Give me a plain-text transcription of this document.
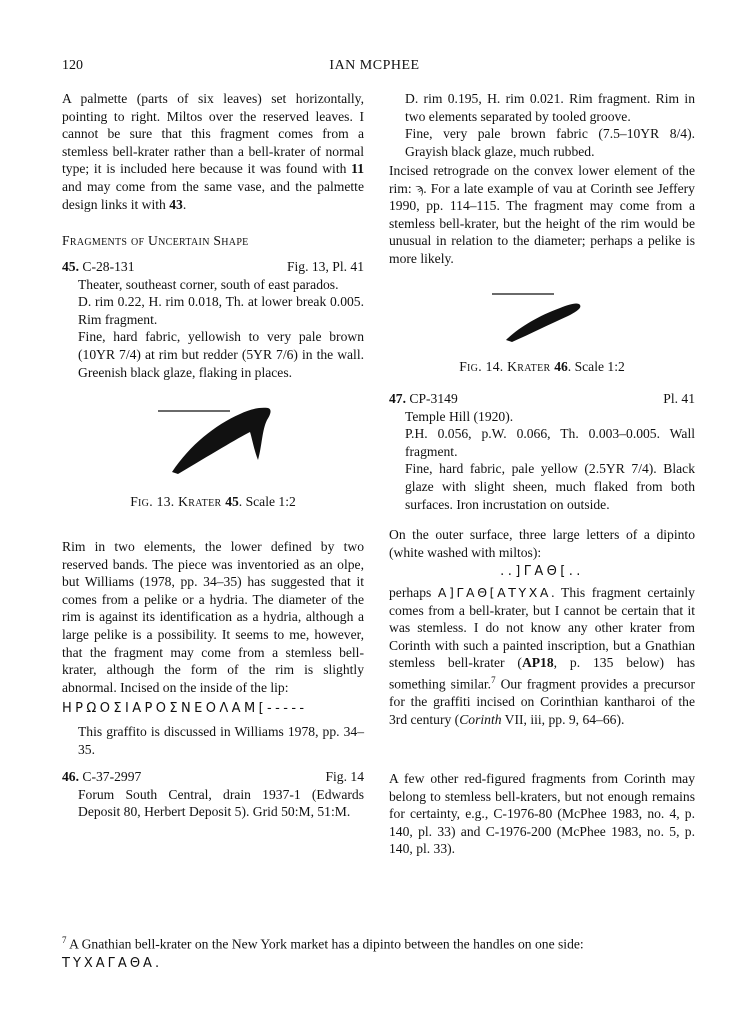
120	IAN MCPHEE

A palmette (parts of six leaves) set horizontally, pointing to right. Miltos over the reserved leaves. I cannot be sure that this fragment comes from a stemless bell-krater rather than a bell-krater of normal type; it is included here because it was found with 11 and may come from the same vase, and the palmette design links it with 43.

Fragments of Uncertain Shape
45. C-28-131	Fig. 13, Pl. 41

Theater, southeast corner, south of east parados.

D. rim 0.22, H. rim 0.018, Th. at lower break 0.005. Rim fragment.

Fine, hard fabric, yellowish to very pale brown (10YR 7/4) at rim but redder (5YR 7/6) in the wall. Greenish black glaze, flaking in places.

Fig. 13. Krater 45. Scale 1:2
Rim in two elements, the lower defined by two reserved bands. The piece was inventoried as an olpe, but Williams (1978, pp. 34–35) has suggested that it comes from a pelike or a hydria. The diameter of the rim is against its identification as a hydria, although a large pelike is a possibility. It seems to me, however, that the fragment may come from a stemless bell-krater, although the form of the rim is slightly abnormal. Incised on the inside of the lip:
ΗΡΩΟΣΙΑΡΟΣΝΕΟΛΑΜ[-----
This graffito is discussed in Williams 1978, pp. 34–35.
46. C-37-2997	Fig. 14

Forum South Central, drain 1937-1 (Edwards Deposit 80, Herbert Deposit 5). Grid 50:M, 51:M.

D. rim 0.195, H. rim 0.021. Rim fragment. Rim in two elements separated by tooled groove.

Fine, very pale brown fabric (7.5–10YR 8/4). Grayish black glaze, much rubbed.

Incised retrograde on the convex lower element of the rim: ϡ. For a late example of vau at Corinth see Jeffery 1990, pp. 114–115. The fragment may come from a stemless bell-krater, but the height of the rim would be unusual in relation to the diameter; perhaps a pelike is more likely.
Fig. 14. Krater 46. Scale 1:2
47. CP-3149	Pl. 41

Temple Hill (1920).

P.H. 0.056, p.W. 0.066, Th. 0.003–0.005. Wall fragment.

Fine, hard fabric, pale yellow (2.5YR 7/4). Black glaze with slight sheen, much flaked from both surfaces. Iron incrustation on outside.

On the outer surface, three large letters of a dipinto (white washed with miltos):
..]ΓΑΘ[..
perhaps Α]ΓΑΘ[ΑΤΥΧΑ. This fragment certainly comes from a bell-krater, but I cannot be certain that it was stemless. I do not know any other krater from Corinth with such a painted inscription, but a Gnathian stemless bell-krater (AP18, p. 135 below) has something similar.$^7$ Our fragment provides a precursor for the graffiti incised on Corinthian kantharoi of the 3rd century (Corinth VII, iii, pp. 9, 64–66).
A few other red-figured fragments from Corinth may belong to stemless bell-kraters, but not enough remains for certainty, e.g., C-1976-80 (McPhee 1983, no. 4, p. 140, pl. 33) and C-1976-200 (McPhee 1983, no. 5, p. 140, pl. 33).
$^7$ A Gnathian bell-krater on the New York market has a dipinto between the handles on one side:
ΤΥΧΑΓΑΘΑ.
